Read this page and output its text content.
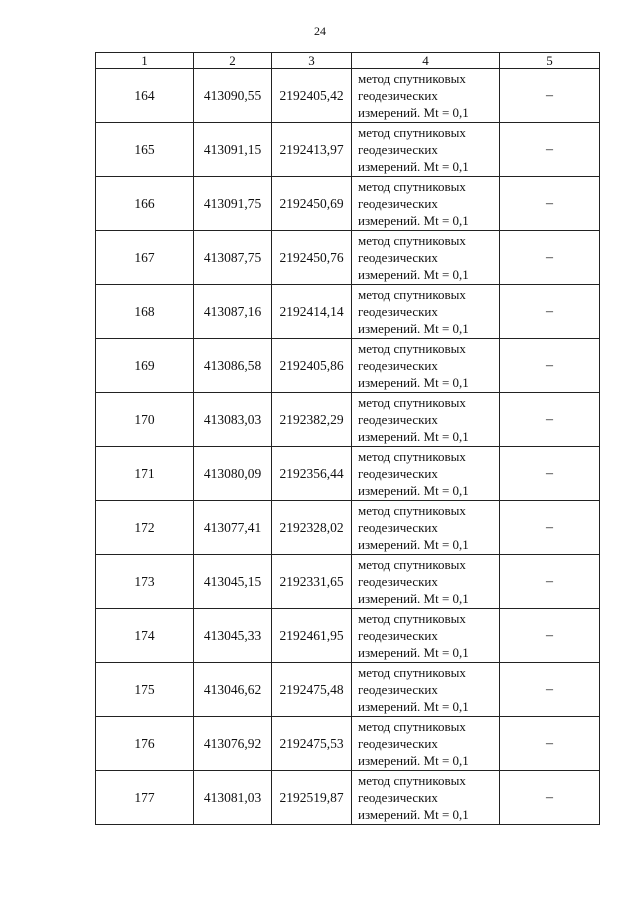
24
1	2	3	4	5
164	413090,55	2192405,42	метод спутниковых
геодезических
измерений. Mt = 0,1	–
165	413091,15	2192413,97	метод спутниковых
геодезических
измерений. Mt = 0,1	–
166	413091,75	2192450,69	метод спутниковых
геодезических
измерений. Mt = 0,1	–
167	413087,75	2192450,76	метод спутниковых
геодезических
измерений. Mt = 0,1	–
168	413087,16	2192414,14	метод спутниковых
геодезических
измерений. Mt = 0,1	–
169	413086,58	2192405,86	метод спутниковых
геодезических
измерений. Mt = 0,1	–
170	413083,03	2192382,29	метод спутниковых
геодезических
измерений. Mt = 0,1	–
171	413080,09	2192356,44	метод спутниковых
геодезических
измерений. Mt = 0,1	–
172	413077,41	2192328,02	метод спутниковых
геодезических
измерений. Mt = 0,1	–
173	413045,15	2192331,65	метод спутниковых
геодезических
измерений. Mt = 0,1	–
174	413045,33	2192461,95	метод спутниковых
геодезических
измерений. Mt = 0,1	–
175	413046,62	2192475,48	метод спутниковых
геодезических
измерений. Mt = 0,1	–
176	413076,92	2192475,53	метод спутниковых
геодезических
измерений. Mt = 0,1	–
177	413081,03	2192519,87	метод спутниковых
геодезических
измерений. Mt = 0,1	–
